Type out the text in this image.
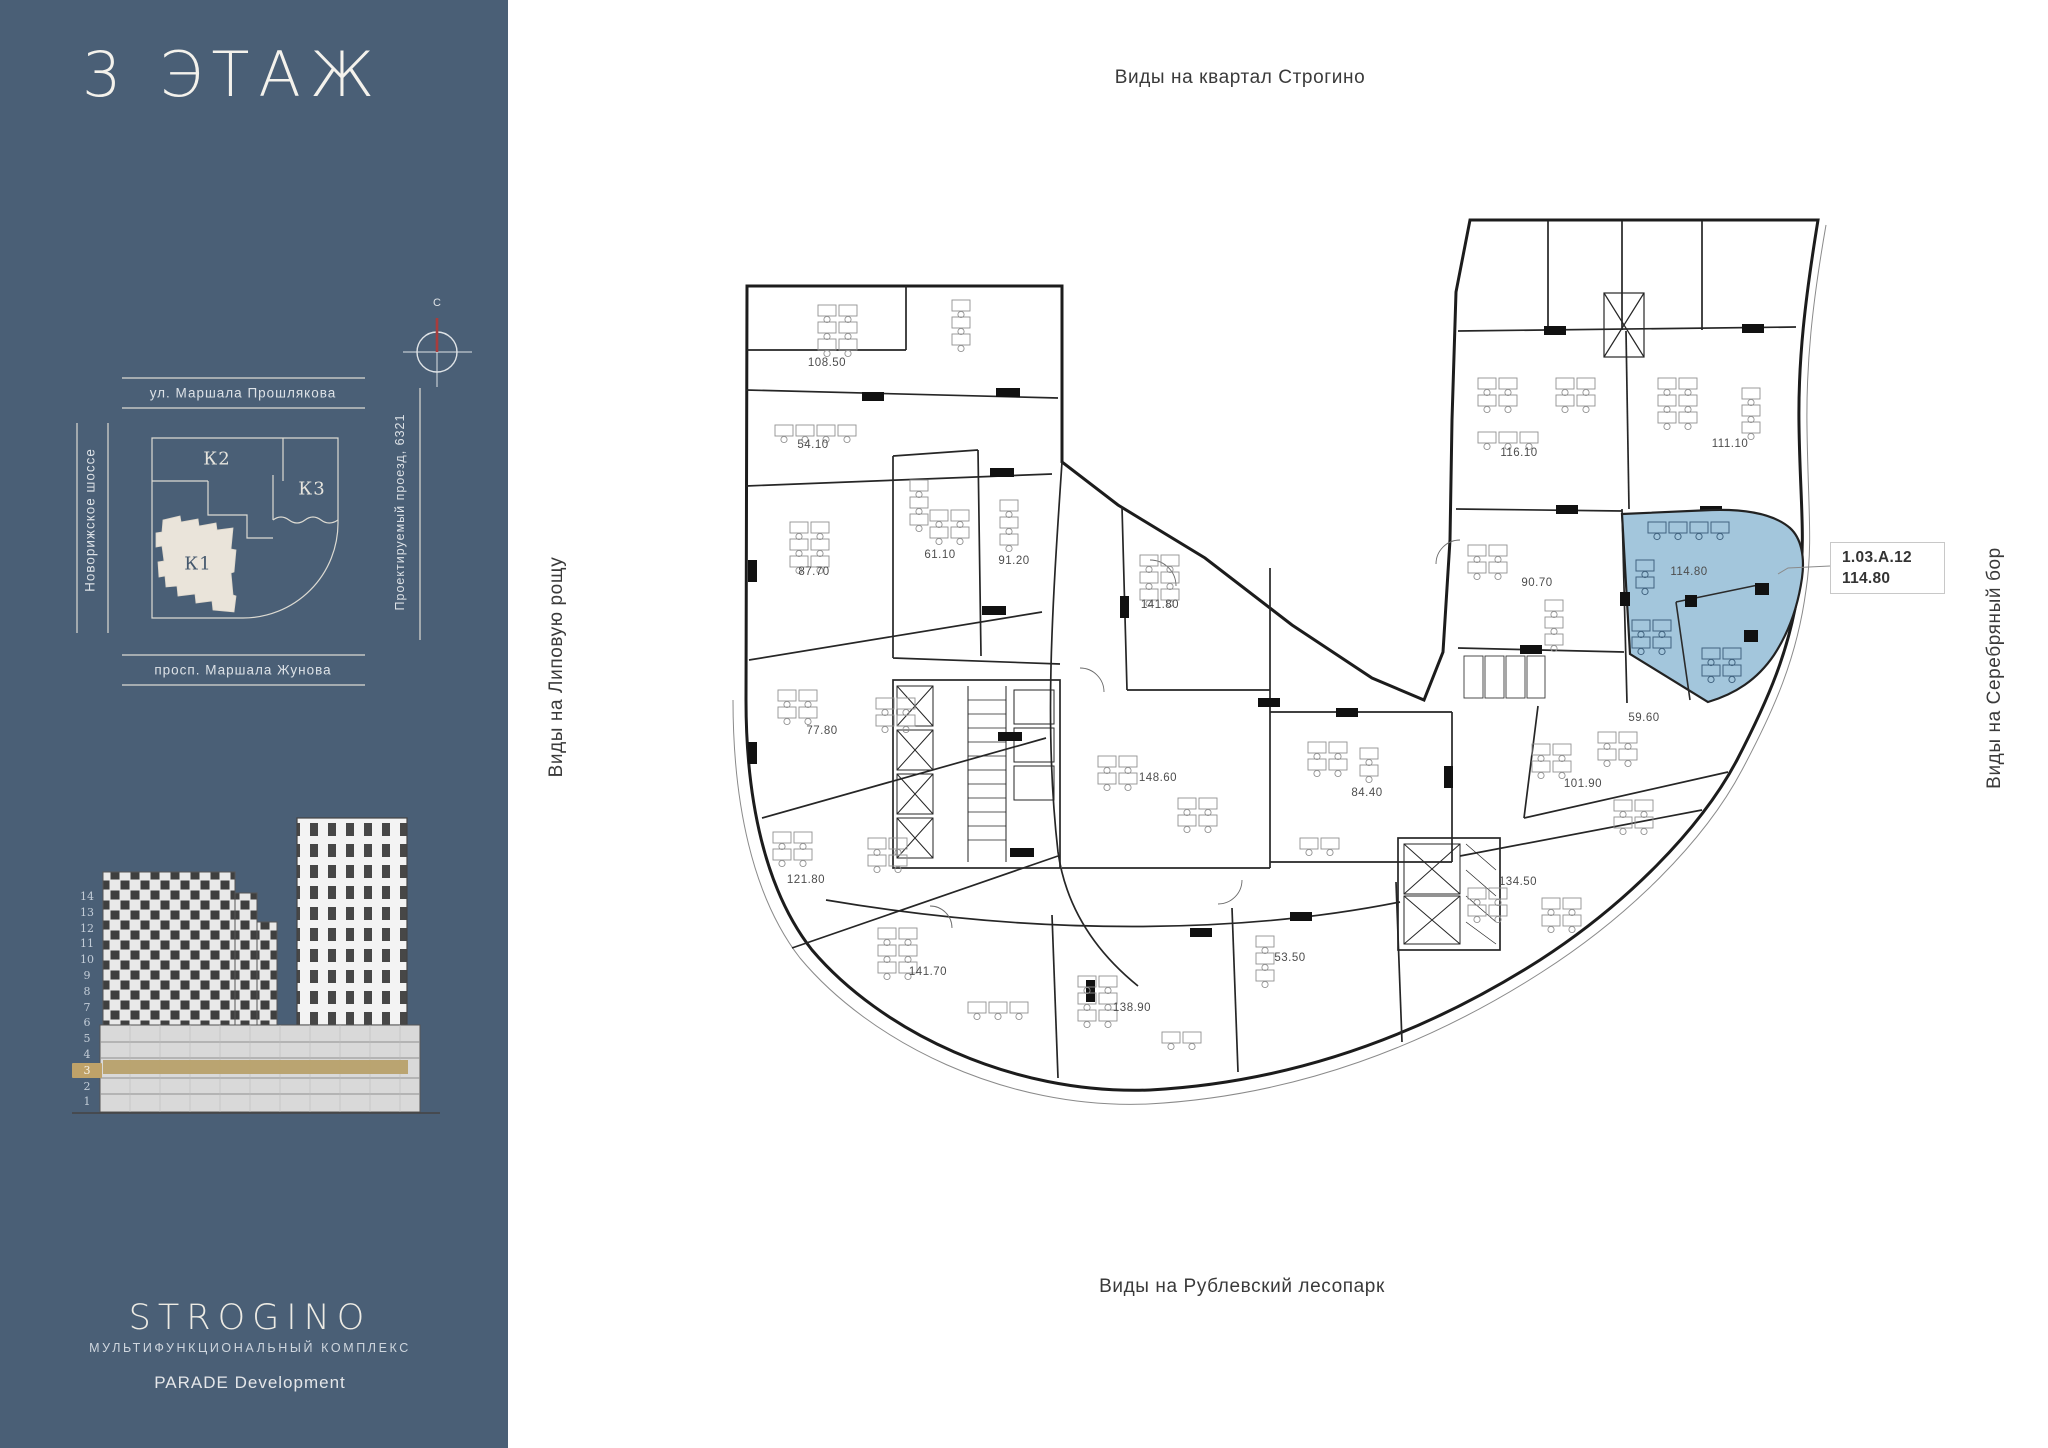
3 ЭТАЖ
С
ул. Маршала Прошлякова
Новорижское шоссе	Проектируемый проезд, 6321
просп. Маршала Жунова
К2
К3
К1
14
13
12
11
10
9
8
7
6
5
4
3
2
1
STROGINO
МУЛЬТИФУНКЦИОНАЛЬНЫЙ КОМПЛЕКС
PARADE Development
Виды на квартал Строгино
Виды на Липовую рощу	Виды на Серебряный бор
Виды на Рублевский лесопарк
108.50
54.10
87.70
77.80
121.80
141.70
61.10	91.20
141.80
148.60
84.40
53.50
138.90
116.10
111.10
90.70
114.80
59.60
101.90
134.50
1.03.A.12
114.80
